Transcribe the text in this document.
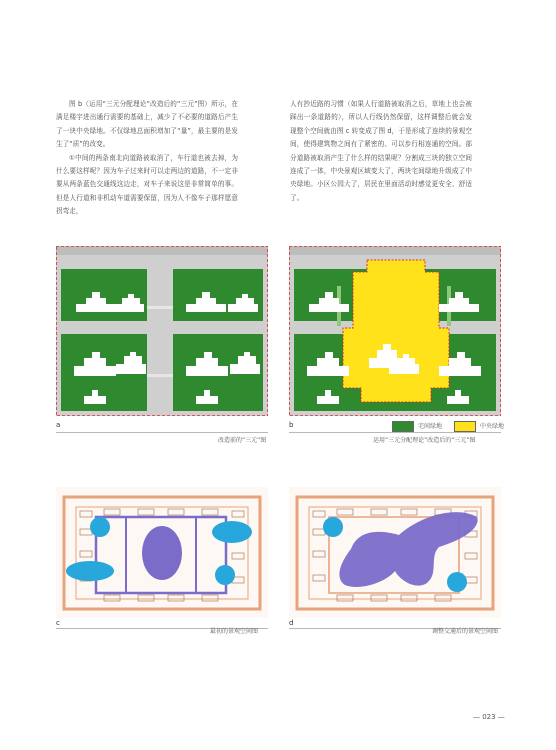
图 b（运用“三元分配理论”改造后的“三元”图）所示，在满足楼宇进出通行需要的基础上，减少了不必要的道路后产生了一块中央绿地。不仅绿地总面积增加了“量”，最主要的是发生了“质”的改变。

①中间的两条南北向道路被取消了，车行道也被去掉，为什么要这样呢？因为车子过来时可以走两边的道路，不一定非要从两条蓝色交通线这边走，对车子来说这是非常简单的事。但是人行道和非机动车道需要保留，因为人不像车子那样愿意拐弯走，

人有抄近路的习惯（如果人行道路被取消之后，草地上也会被踩出一条道路的），所以人行线仍然保留，这样调整后就会发现整个空间就由图 c 转变成了图 d，于是形成了连续的景观空间，使得建筑物之间有了紧密的、可以步行相连通的空间。部分道路被取消产生了什么样的结果呢？分割成三块的独立空间连成了一体，中央景观区域变大了，两块宅间绿地升级成了中央绿地。小区公园大了，居民在里面活动时感觉更安全、舒适了。

a
改造前的“三元”图
b	宅间绿地	中央绿地
运用“三元分配理论”改造后的“三元”图
c
最初的景观空间图
d
调整交通后的景观空间图
— 023 —
